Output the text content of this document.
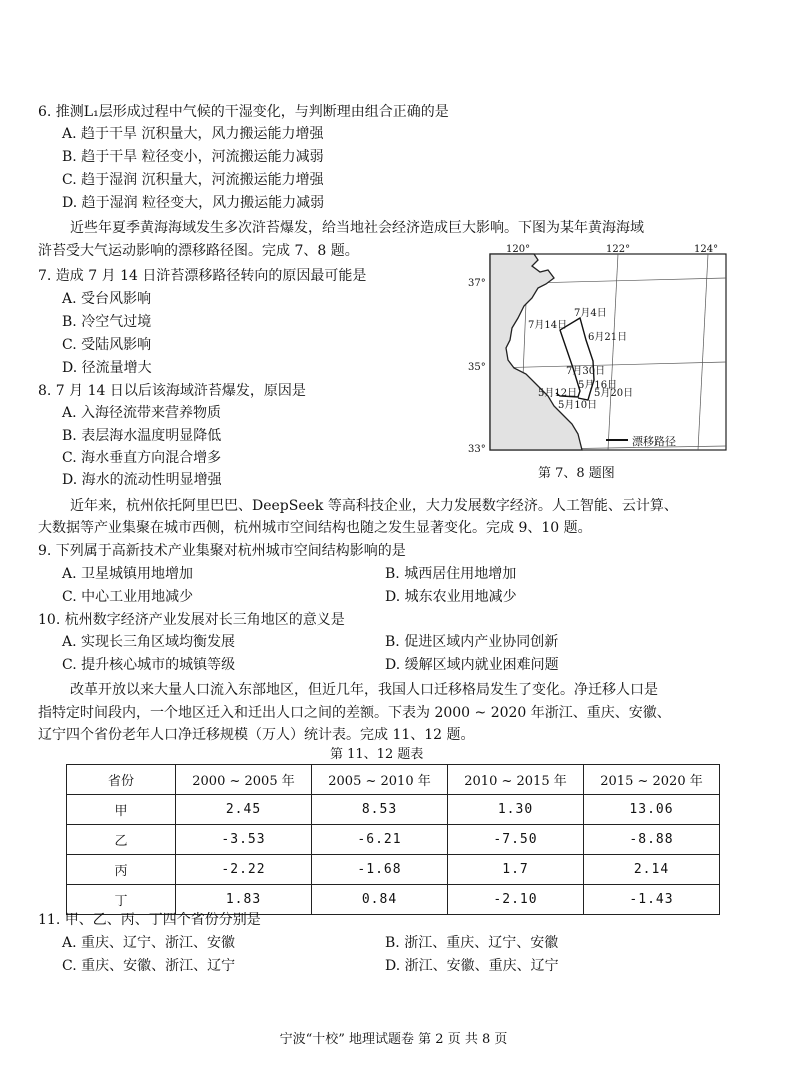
6. 推测L₁层形成过程中气候的干湿变化，与判断理由组合正确的是
A. 趋于干旱 沉积量大，风力搬运能力增强
B. 趋于干旱 粒径变小，河流搬运能力减弱
C. 趋于湿润 沉积量大，河流搬运能力增强
D. 趋于湿润 粒径变大，风力搬运能力减弱
近些年夏季黄海海域发生多次浒苔爆发，给当地社会经济造成巨大影响。下图为某年黄海海域
浒苔受大气运动影响的漂移路径图。完成 7、8 题。
7. 造成 7 月 14 日浒苔漂移路径转向的原因最可能是
A. 受台风影响
B. 冷空气过境
C. 受陆风影响
D. 径流量增大
8. 7 月 14 日以后该海域浒苔爆发，原因是
A. 入海径流带来营养物质
B. 表层海水温度明显降低
C. 海水垂直方向混合增多
D. 海水的流动性明显增强
120°	122°	124°
37°
35°
33°
7月4日
7月14日
6月21日
7月30日
5月16日
5月20日
5月12日
5月10日
漂移路径
第 7、8 题图
近年来，杭州依托阿里巴巴、DeepSeek 等高科技企业，大力发展数字经济。人工智能、云计算、
大数据等产业集聚在城市西侧，杭州城市空间结构也随之发生显著变化。完成 9、10 题。
9. 下列属于高新技术产业集聚对杭州城市空间结构影响的是
A. 卫星城镇用地增加	B. 城西居住用地增加
C. 中心工业用地减少	D. 城东农业用地减少
10. 杭州数字经济产业发展对长三角地区的意义是
A. 实现长三角区域均衡发展	B. 促进区域内产业协同创新
C. 提升核心城市的城镇等级	D. 缓解区域内就业困难问题
改革开放以来大量人口流入东部地区，但近几年，我国人口迁移格局发生了变化。净迁移人口是
指特定时间段内，一个地区迁入和迁出人口之间的差额。下表为 2000 ~ 2020 年浙江、重庆、安徽、
辽宁四个省份老年人口净迁移规模（万人）统计表。完成 11、12 题。
第 11、12 题表
省份	2000 ~ 2005 年	2005 ~ 2010 年	2010 ~ 2015 年	2015 ~ 2020 年
甲	2.45	8.53	1.30	13.06
乙	-3.53	-6.21	-7.50	-8.88
丙	-2.22	-1.68	1.7	2.14
丁	1.83	0.84	-2.10	-1.43
11. 甲、乙、丙、丁四个省份分别是
A. 重庆、辽宁、浙江、安徽	B. 浙江、重庆、辽宁、安徽
C. 重庆、安徽、浙江、辽宁	D. 浙江、安徽、重庆、辽宁
宁波“十校” 地理试题卷 第 2 页 共 8 页
